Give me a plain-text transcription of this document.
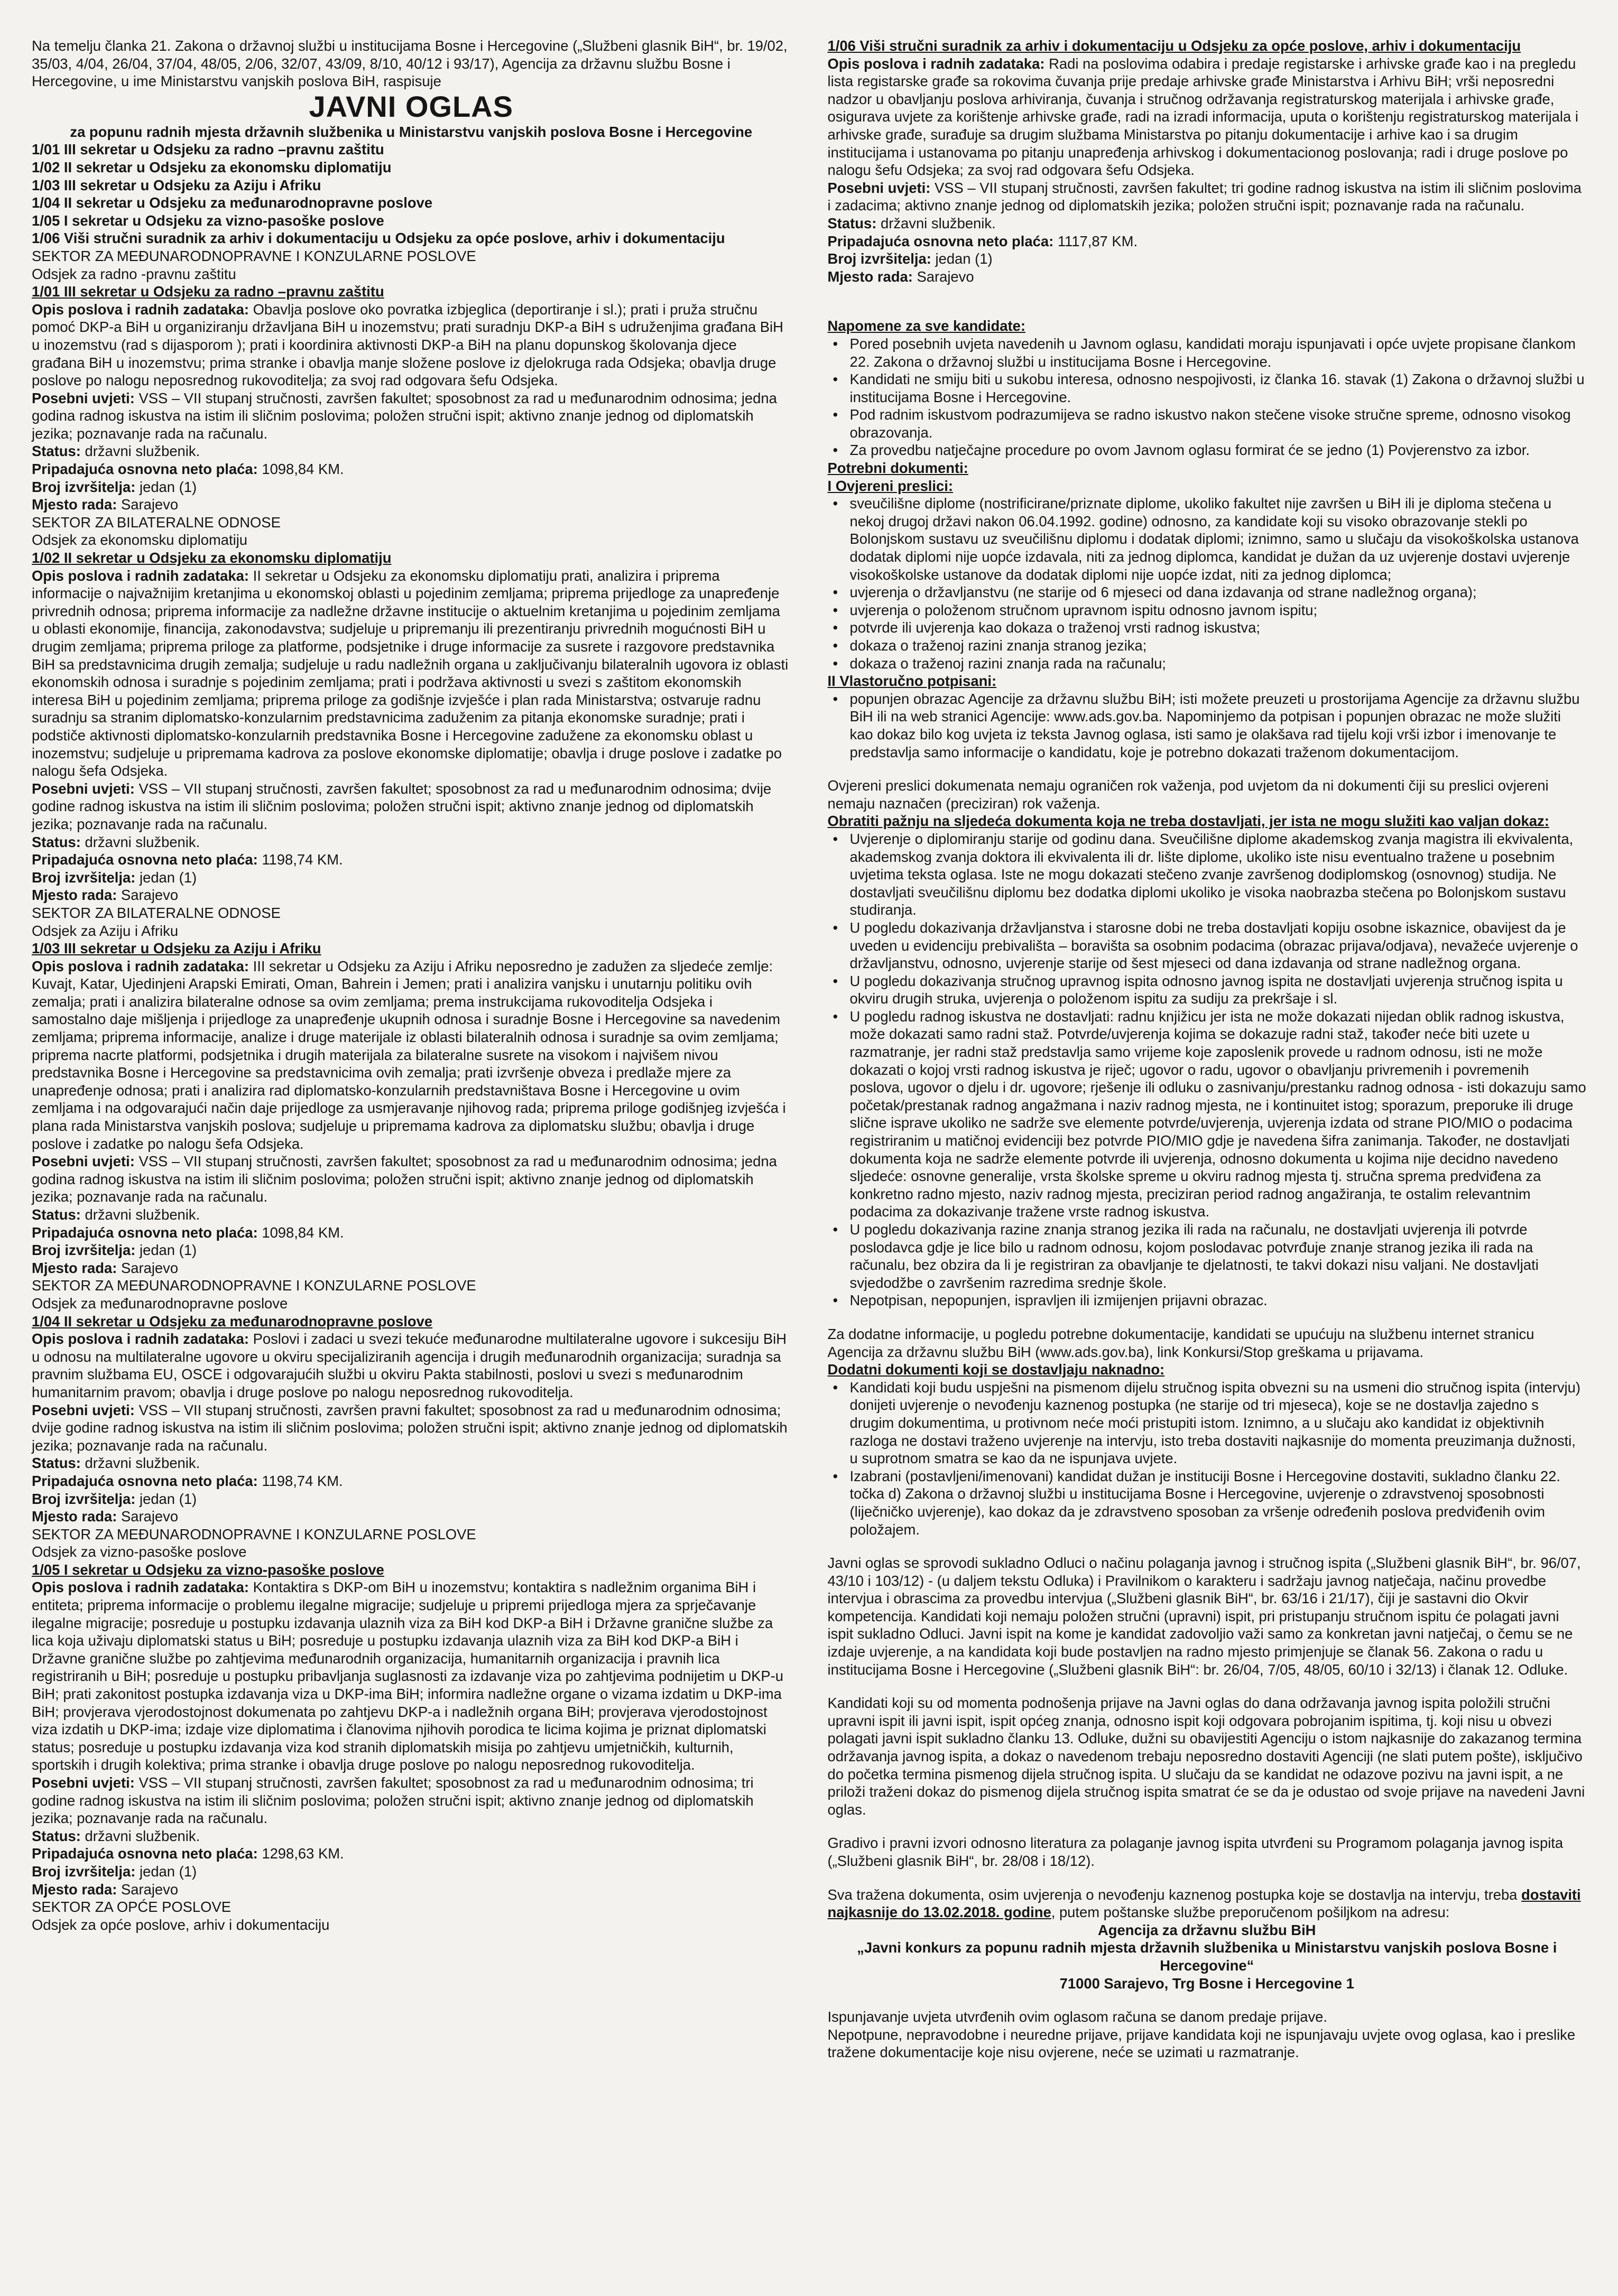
Na temelju članka 21. Zakona o državnoj službi u institucijama Bosne i Hercegovine („Službeni glasnik BiH“, br. 19/02, 35/03, 4/04, 26/04, 37/04, 48/05, 2/06, 32/07, 43/09, 8/10, 40/12 i 93/17), Agencija za državnu službu Bosne i Hercegovine, u ime Ministarstvu vanjskih poslova BiH, raspisuje

JAVNI OGLAS
za popunu radnih mjesta državnih službenika u Ministarstvu vanjskih poslova Bosne i Hercegovine
1/01 III sekretar u Odsjeku za radno –pravnu zaštitu
1/02 II sekretar u Odsjeku za ekonomsku diplomatiju
1/03 III sekretar u Odsjeku za Aziju i Afriku
1/04 II sekretar u Odsjeku za međunarodnopravne poslove
1/05 I sekretar u Odsjeku za vizno-pasoške poslove
1/06 Viši stručni suradnik za arhiv i dokumentaciju u Odsjeku za opće poslove, arhiv i dokumentaciju
SEKTOR ZA MEĐUNARODNOPRAVNE I KONZULARNE POSLOVE
Odsjek za radno -pravnu zaštitu
1/01 III sekretar u Odsjeku za radno –pravnu zaštitu
Opis poslova i radnih zadataka: Obavlja poslove oko povratka izbjeglica (deportiranje i sl.); prati i pruža stručnu pomoć DKP-a BiH u organiziranju državljana BiH u inozemstvu; prati suradnju DKP-a BiH s udruženjima građana BiH u inozemstvu (rad s dijasporom ); prati i koordinira aktivnosti DKP-a BiH na planu dopunskog školovanja djece građana BiH u inozemstvu; prima stranke i obavlja manje složene poslove iz djelokruga rada Odsjeka; obavlja druge poslove po nalogu neposrednog rukovoditelja; za svoj rad odgovara šefu Odsjeka.
Posebni uvjeti: VSS – VII stupanj stručnosti, završen fakultet; sposobnost za rad u međunarodnim odnosima; jedna godina radnog iskustva na istim ili sličnim poslovima; položen stručni ispit; aktivno znanje jednog od diplomatskih jezika; poznavanje rada na računalu.
Status: državni službenik.
Pripadajuća osnovna neto plaća: 1098,84 KM.
Broj izvršitelja: jedan (1)
Mjesto rada: Sarajevo
SEKTOR ZA BILATERALNE ODNOSE
Odsjek za ekonomsku diplomatiju
1/02 II sekretar u Odsjeku za ekonomsku diplomatiju
Opis poslova i radnih zadataka: II sekretar u Odsjeku za ekonomsku diplomatiju prati, analizira i priprema informacije o najvažnijim kretanjima u ekonomskoj oblasti u pojedinim zemljama; priprema prijedloge za unapređenje privrednih odnosa; priprema informacije za nadležne državne institucije o aktuelnim kretanjima u pojedinim zemljama u oblasti ekonomije, financija, zakonodavstva; sudjeluje u pripremanju ili prezentiranju privrednih mogućnosti BiH u drugim zemljama; priprema priloge za platforme, podsjetnike i druge informacije za susrete i razgovore predstavnika BiH sa predstavnicima drugih zemalja; sudjeluje u radu nadležnih organa u zaključivanju bilateralnih ugovora iz oblasti ekonomskih odnosa i suradnje s pojedinim zemljama; prati i podržava aktivnosti u svezi s zaštitom ekonomskih interesa BiH u pojedinim zemljama; priprema priloge za godišnje izvješće i plan rada Ministarstva; ostvaruje radnu suradnju sa stranim diplomatsko-konzularnim predstavnicima zaduženim za pitanja ekonomske suradnje; prati i podstiče aktivnosti diplomatsko-konzularnih predstavnika Bosne i Hercegovine zadužene za ekonomsku oblast u inozemstvu; sudjeluje u pripremama kadrova za poslove ekonomske diplomatije; obavlja i druge poslove i zadatke po nalogu šefa Odsjeka.
Posebni uvjeti: VSS – VII stupanj stručnosti, završen fakultet; sposobnost za rad u međunarodnim odnosima; dvije godine radnog iskustva na istim ili sličnim poslovima; položen stručni ispit; aktivno znanje jednog od diplomatskih jezika; poznavanje rada na računalu.
Status: državni službenik.
Pripadajuća osnovna neto plaća: 1198,74 KM.
Broj izvršitelja: jedan (1)
Mjesto rada: Sarajevo
SEKTOR ZA BILATERALNE ODNOSE
Odsjek za Aziju i Afriku
1/03 III sekretar u Odsjeku za Aziju i Afriku
Opis poslova i radnih zadataka: III sekretar u Odsjeku za Aziju i Afriku neposredno je zadužen za sljedeće zemlje: Kuvajt, Katar, Ujedinjeni Arapski Emirati, Oman, Bahrein i Jemen; prati i analizira vanjsku i unutarnju politiku ovih zemalja; prati i analizira bilateralne odnose sa ovim zemljama; prema instrukcijama rukovoditelja Odsjeka i samostalno daje mišljenja i prijedloge za unapređenje ukupnih odnosa i suradnje Bosne i Hercegovine sa navedenim zemljama; priprema informacije, analize i druge materijale iz oblasti bilateralnih odnosa i suradnje sa ovim zemljama; priprema nacrte platformi, podsjetnika i drugih materijala za bilateralne susrete na visokom i najvišem nivou predstavnika Bosne i Hercegovine sa predstavnicima ovih zemalja; prati izvršenje obveza i predlaže mjere za unapređenje odnosa; prati i analizira rad diplomatsko-konzularnih predstavništava Bosne i Hercegovine u ovim zemljama i na odgovarajući način daje prijedloge za usmjeravanje njihovog rada; priprema priloge godišnjeg izvješća i plana rada Ministarstva vanjskih poslova; sudjeluje u pripremama kadrova za diplomatsku službu; obavlja i druge poslove i zadatke po nalogu šefa Odsjeka.
Posebni uvjeti: VSS – VII stupanj stručnosti, završen fakultet; sposobnost za rad u međunarodnim odnosima; jedna godina radnog iskustva na istim ili sličnim poslovima; položen stručni ispit; aktivno znanje jednog od diplomatskih jezika; poznavanje rada na računalu.
Status: državni službenik.
Pripadajuća osnovna neto plaća: 1098,84 KM.
Broj izvršitelja: jedan (1)
Mjesto rada: Sarajevo
SEKTOR ZA MEĐUNARODNOPRAVNE I KONZULARNE POSLOVE
Odsjek za međunarodnopravne poslove
1/04 II sekretar u Odsjeku za međunarodnopravne poslove
Opis poslova i radnih zadataka: Poslovi i zadaci u svezi tekuće međunarodne multilateralne ugovore i sukcesiju BiH u odnosu na multilateralne ugovore u okviru specijaliziranih agencija i drugih međunarodnih organizacija; suradnja sa pravnim službama EU, OSCE i odgovarajućih službi u okviru Pakta stabilnosti, poslovi u svezi s međunarodnim humanitarnim pravom; obavlja i druge poslove po nalogu neposrednog rukovoditelja.
Posebni uvjeti: VSS – VII stupanj stručnosti, završen pravni fakultet; sposobnost za rad u međunarodnim odnosima; dvije godine radnog iskustva na istim ili sličnim poslovima; položen stručni ispit; aktivno znanje jednog od diplomatskih jezika; poznavanje rada na računalu.
Status: državni službenik.
Pripadajuća osnovna neto plaća: 1198,74 KM.
Broj izvršitelja: jedan (1)
Mjesto rada: Sarajevo
SEKTOR ZA MEĐUNARODNOPRAVNE I KONZULARNE POSLOVE
Odsjek za vizno-pasoške poslove
1/05 I sekretar u Odsjeku za vizno-pasoške poslove
Opis poslova i radnih zadataka: Kontaktira s DKP-om BiH u inozemstvu; kontaktira s nadležnim organima BiH i entiteta; priprema informacije o problemu ilegalne migracije; sudjeluje u pripremi prijedloga mjera za sprječavanje ilegalne migracije; posreduje u postupku izdavanja ulaznih viza za BiH kod DKP-a BiH i Državne granične službe za lica koja uživaju diplomatski status u BiH; posreduje u postupku izdavanja ulaznih viza za BiH kod DKP-a BiH i Državne granične službe po zahtjevima međunarodnih organizacija, humanitarnih organizacija i pravnih lica registriranih u BiH; posreduje u postupku pribavljanja suglasnosti za izdavanje viza po zahtjevima podnijetim u DKP-u BiH; prati zakonitost postupka izdavanja viza u DKP-ima BiH; informira nadležne organe o vizama izdatim u DKP-ima BiH; provjerava vjerodostojnost dokumenata po zahtjevu DKP-a i nadležnih organa BiH; provjerava vjerodostojnost viza izdatih u DKP-ima; izdaje vize diplomatima i članovima njihovih porodica te licima kojima je priznat diplomatski status; posreduje u postupku izdavanja viza kod stranih diplomatskih misija po zahtjevu umjetničkih, kulturnih, sportskih i drugih kolektiva; prima stranke i obavlja druge poslove po nalogu neposrednog rukovoditelja.
Posebni uvjeti: VSS – VII stupanj stručnosti, završen fakultet; sposobnost za rad u međunarodnim odnosima; tri godine radnog iskustva na istim ili sličnim poslovima; položen stručni ispit; aktivno znanje jednog od diplomatskih jezika; poznavanje rada na računalu.
Status: državni službenik.
Pripadajuća osnovna neto plaća: 1298,63 KM.
Broj izvršitelja: jedan (1)
Mjesto rada: Sarajevo
SEKTOR ZA OPĆE POSLOVE
Odsjek za opće poslove, arhiv i dokumentaciju
1/06 Viši stručni suradnik za arhiv i dokumentaciju u Odsjeku za opće poslove, arhiv i dokumentaciju
Opis poslova i radnih zadataka: Radi na poslovima odabira i predaje registarske i arhivske građe kao i na pregledu lista registarske građe sa rokovima čuvanja prije predaje arhivske građe Ministarstva i Arhivu BiH; vrši neposredni nadzor u obavljanju poslova arhiviranja, čuvanja i stručnog održavanja registraturskog materijala i arhivske građe, osigurava uvjete za korištenje arhivske građe, radi na izradi informacija, uputa o korištenju registraturskog materijala i arhivske građe, surađuje sa drugim službama Ministarstva po pitanju dokumentacije i arhive kao i sa drugim institucijama i ustanovama po pitanju unapređenja arhivskog i dokumentacionog poslovanja; radi i druge poslove po nalogu šefu Odsjeka; za svoj rad odgovara šefu Odsjeka.
Posebni uvjeti: VSS – VII stupanj stručnosti, završen fakultet; tri godine radnog iskustva na istim ili sličnim poslovima i zadacima; aktivno znanje jednog od diplomatskih jezika; položen stručni ispit; poznavanje rada na računalu.
Status: državni službenik.
Pripadajuća osnovna neto plaća: 1117,87 KM.
Broj izvršitelja: jedan (1)
Mjesto rada: Sarajevo
Napomene za sve kandidate:
• Pored posebnih uvjeta navedenih u Javnom oglasu, kandidati moraju ispunjavati i opće uvjete propisane člankom 22. Zakona o državnoj službi u institucijama Bosne i Hercegovine.
• Kandidati ne smiju biti u sukobu interesa, odnosno nespojivosti, iz članka 16. stavak (1) Zakona o državnoj službi u institucijama Bosne i Hercegovine.
• Pod radnim iskustvom podrazumijeva se radno iskustvo nakon stečene visoke stručne spreme, odnosno visokog obrazovanja.
• Za provedbu natječajne procedure po ovom Javnom oglasu formirat će se jedno (1) Povjerenstvo za izbor.
Potrebni dokumenti:
I Ovjereni preslici:
• sveučilišne diplome (nostrificirane/priznate diplome, ukoliko fakultet nije završen u BiH ili je diploma stečena u nekoj drugoj državi nakon 06.04.1992. godine) odnosno, za kandidate koji su visoko obrazovanje stekli po Bolonjskom sustavu uz sveučilišnu diplomu i dodatak diplomi; iznimno, samo u slučaju da visokoškolska ustanova dodatak diplomi nije uopće izdavala, niti za jednog diplomca, kandidat je dužan da uz uvjerenje dostavi uvjerenje visokoškolske ustanove da dodatak diplomi nije uopće izdat, niti za jednog diplomca;
• uvjerenja o državljanstvu (ne starije od 6 mjeseci od dana izdavanja od strane nadležnog organa);
• uvjerenja o položenom stručnom upravnom ispitu odnosno javnom ispitu;
• potvrde ili uvjerenja kao dokaza o traženoj vrsti radnog iskustva;
• dokaza o traženoj razini znanja stranog jezika;
• dokaza o traženoj razini znanja rada na računalu;
II Vlastoručno potpisani:
• popunjen obrazac Agencije za državnu službu BiH; isti možete preuzeti u prostorijama Agencije za državnu službu BiH ili na web stranici Agencije: www.ads.gov.ba. Napominjemo da potpisan i popunjen obrazac ne može služiti kao dokaz bilo kog uvjeta iz teksta Javnog oglasa, isti samo je olakšava rad tijelu koji vrši izbor i imenovanje te predstavlja samo informacije o kandidatu, koje je potrebno dokazati traženom dokumentacijom.

Ovjereni preslici dokumenata nemaju ograničen rok važenja, pod uvjetom da ni dokumenti čiji su preslici ovjereni nemaju naznačen (preciziran) rok važenja.

Obratiti pažnju na sljedeća dokumenta koja ne treba dostavljati, jer ista ne mogu služiti kao valjan dokaz:
• Uvjerenje o diplomiranju starije od godinu dana. Sveučilišne diplome akademskog zvanja magistra ili ekvivalenta, akademskog zvanja doktora ili ekvivalenta ili dr. lište diplome, ukoliko iste nisu eventualno tražene u posebnim uvjetima teksta oglasa. Iste ne mogu dokazati stečeno zvanje završenog dodiplomskog (osnovnog) studija. Ne dostavljati sveučilišnu diplomu bez dodatka diplomi ukoliko je visoka naobrazba stečena po Bolonjskom sustavu studiranja.
• U pogledu dokazivanja državljanstva i starosne dobi ne treba dostavljati kopiju osobne iskaznice, obavijest da je uveden u evidenciju prebivališta – boravišta sa osobnim podacima (obrazac prijava/odjava), nevažeće uvjerenje o državljanstvu, odnosno, uvjerenje starije od šest mjeseci od dana izdavanja od strane nadležnog organa.
• U pogledu dokazivanja stručnog upravnog ispita odnosno javnog ispita ne dostavljati uvjerenja stručnog ispita u okviru drugih struka, uvjerenja o položenom ispitu za sudiju za prekršaje i sl.
• U pogledu radnog iskustva ne dostavljati: radnu knjižicu jer ista ne može dokazati nijedan oblik radnog iskustva, može dokazati samo radni staž. Potvrde/uvjerenja kojima se dokazuje radni staž, također neće biti uzete u razmatranje, jer radni staž predstavlja samo vrijeme koje zaposlenik provede u radnom odnosu, isti ne može dokazati o kojoj vrsti radnog iskustva je riječ; ugovor o radu, ugovor o obavljanju privremenih i povremenih poslova, ugovor o djelu i dr. ugovore; rješenje ili odluku o zasnivanju/prestanku radnog odnosa - isti dokazuju samo početak/prestanak radnog angažmana i naziv radnog mjesta, ne i kontinuitet istog; sporazum, preporuke ili druge slične isprave ukoliko ne sadrže sve elemente potvrde/uvjerenja, uvjerenja izdata od strane PIO/MIO o podacima registriranim u matičnoj evidenciji bez potvrde PIO/MIO gdje je navedena šifra zanimanja. Također, ne dostavljati dokumenta koja ne sadrže elemente potvrde ili uvjerenja, odnosno dokumenta u kojima nije decidno navedeno sljedeće: osnovne generalije, vrsta školske spreme u okviru radnog mjesta tj. stručna sprema predviđena za konkretno radno mjesto, naziv radnog mjesta, preciziran period radnog angažiranja, te ostalim relevantnim podacima za dokazivanje tražene vrste radnog iskustva.
• U pogledu dokazivanja razine znanja stranog jezika ili rada na računalu, ne dostavljati uvjerenja ili potvrde poslodavca gdje je lice bilo u radnom odnosu, kojom poslodavac potvrđuje znanje stranog jezika ili rada na računalu, bez obzira da li je registriran za obavljanje te djelatnosti, te takvi dokazi nisu valjani. Ne dostavljati svjedodžbe o završenim razredima srednje škole.
• Nepotpisan, nepopunjen, ispravljen ili izmijenjen prijavni obrazac.

Za dodatne informacije, u pogledu potrebne dokumentacije, kandidati se upućuju na službenu internet stranicu Agencija za državnu službu BiH (www.ads.gov.ba), link Konkursi/Stop greškama u prijavama.

Dodatni dokumenti koji se dostavljaju naknadno:
• Kandidati koji budu uspješni na pismenom dijelu stručnog ispita obvezni su na usmeni dio stručnog ispita (intervju) donijeti uvjerenje o nevođenju kaznenog postupka (ne starije od tri mjeseca), koje se ne dostavlja zajedno s drugim dokumentima, u protivnom neće moći pristupiti istom. Iznimno, a u slučaju ako kandidat iz objektivnih razloga ne dostavi traženo uvjerenje na intervju, isto treba dostaviti najkasnije do momenta preuzimanja dužnosti, u suprotnom smatra se kao da ne ispunjava uvjete.
• Izabrani (postavljeni/imenovani) kandidat dužan je instituciji Bosne i Hercegovine dostaviti, sukladno članku 22. točka d) Zakona o državnoj službi u institucijama Bosne i Hercegovine, uvjerenje o zdravstvenoj sposobnosti (liječničko uvjerenje), kao dokaz da je zdravstveno sposoban za vršenje određenih poslova predviđenih ovim položajem.

Javni oglas se sprovodi sukladno Odluci o načinu polaganja javnog i stručnog ispita („Službeni glasnik BiH“, br. 96/07, 43/10 i 103/12) - (u daljem tekstu Odluka) i Pravilnikom o karakteru i sadržaju javnog natječaja, načinu provedbe intervjua i obrascima za provedbu intervjua („Službeni glasnik BiH“, br. 63/16 i 21/17), čiji je sastavni dio Okvir kompetencija. Kandidati koji nemaju položen stručni (upravni) ispit, pri pristupanju stručnom ispitu će polagati javni ispit sukladno Odluci. Javni ispit na kome je kandidat zadovoljio važi samo za konkretan javni natječaj, o čemu se ne izdaje uvjerenje, a na kandidata koji bude postavljen na radno mjesto primjenjuje se članak 56. Zakona o radu u institucijama Bosne i Hercegovine („Službeni glasnik BiH“: br. 26/04, 7/05, 48/05, 60/10 i 32/13) i članak 12. Odluke.

Kandidati koji su od momenta podnošenja prijave na Javni oglas do dana održavanja javnog ispita položili stručni upravni ispit ili javni ispit, ispit općeg znanja, odnosno ispit koji odgovara pobrojanim ispitima, tj. koji nisu u obvezi polagati javni ispit sukladno članku 13. Odluke, dužni su obavijestiti Agenciju o istom najkasnije do zakazanog termina održavanja javnog ispita, a dokaz o navedenom trebaju neposredno dostaviti Agenciji (ne slati putem pošte), isključivo do početka termina pismenog dijela stručnog ispita. U slučaju da se kandidat ne odazove pozivu na javni ispit, a ne priloži traženi dokaz do pismenog dijela stručnog ispita smatrat će se da je odustao od svoje prijave na navedeni Javni oglas.

Gradivo i pravni izvori odnosno literatura za polaganje javnog ispita utvrđeni su Programom polaganja javnog ispita („Službeni glasnik BiH“, br. 28/08 i 18/12).

Sva tražena dokumenta, osim uvjerenja o nevođenju kaznenog postupka koje se dostavlja na intervju, treba dostaviti najkasnije do 13.02.2018. godine, putem poštanske službe preporučenom pošiljkom na adresu:

Agencija za državnu službu BiH
„Javni konkurs za popunu radnih mjesta državnih službenika u Ministarstvu vanjskih poslova Bosne i Hercegovine“
71000 Sarajevo, Trg Bosne i Hercegovine 1

Ispunjavanje uvjeta utvrđenih ovim oglasom računa se danom predaje prijave.

Nepotpune, nepravodobne i neuredne prijave, prijave kandidata koji ne ispunjavaju uvjete ovog oglasa, kao i preslike tražene dokumentacije koje nisu ovjerene, neće se uzimati u razmatranje.
